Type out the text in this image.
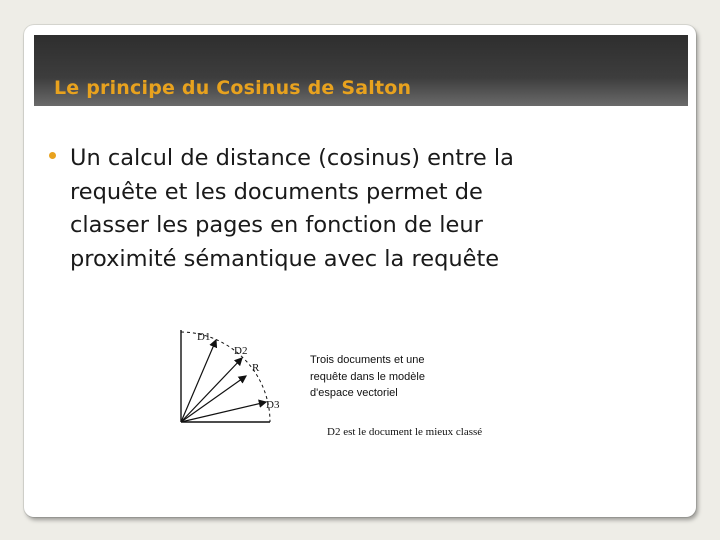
Le principe du Cosinus de Salton
Un calcul de distance (cosinus) entre la
requête et les documents permet de
classer les pages en fonction de leur
proximité sémantique avec la requête
D1
D2
R
D3
Trois documents et une
requête dans le modèle
d'espace vectoriel
D2 est le document le mieux classé
